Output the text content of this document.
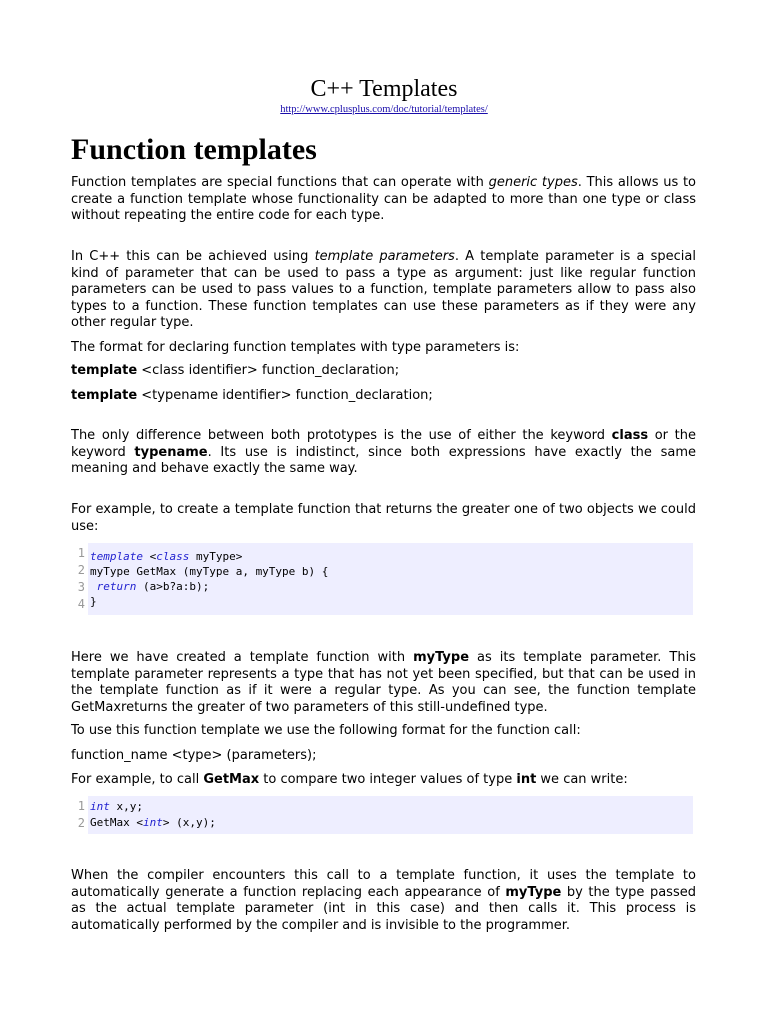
C++ Templates
http://www.cplusplus.com/doc/tutorial/templates/
Function templates

Function templates are special functions that can operate with generic types. This allows us to create a function template whose functionality can be adapted to more than one type or class without repeating the entire code for each type.

In C++ this can be achieved using template parameters. A template parameter is a special kind of parameter that can be used to pass a type as argument: just like regular function parameters can be used to pass values to a function, template parameters allow to pass also types to a function. These function templates can use these parameters as if they were any other regular type.

The format for declaring function templates with type parameters is:

template <class identifier> function_declaration;

template <typename identifier> function_declaration;

The only difference between both prototypes is the use of either the keyword class or the keyword typename. Its use is indistinct, since both expressions have exactly the same meaning and behave exactly the same way.

For example, to create a template function that returns the greater one of two objects we could use:

1
2
3
4
template <class myType>
myType GetMax (myType a, myType b) {
return (a>b?a:b);
}

Here we have created a template function with myType as its template parameter. This template parameter represents a type that has not yet been specified, but that can be used in the template function as if it were a regular type. As you can see, the function template GetMaxreturns the greater of two parameters of this still-undefined type.

To use this function template we use the following format for the function call:

function_name <type> (parameters);

For example, to call GetMax to compare two integer values of type int we can write:

1
2
int x,y;
GetMax <int> (x,y);

When the compiler encounters this call to a template function, it uses the template to automatically generate a function replacing each appearance of myType by the type passed as the actual template parameter (int in this case) and then calls it. This process is automatically performed by the compiler and is invisible to the programmer.
